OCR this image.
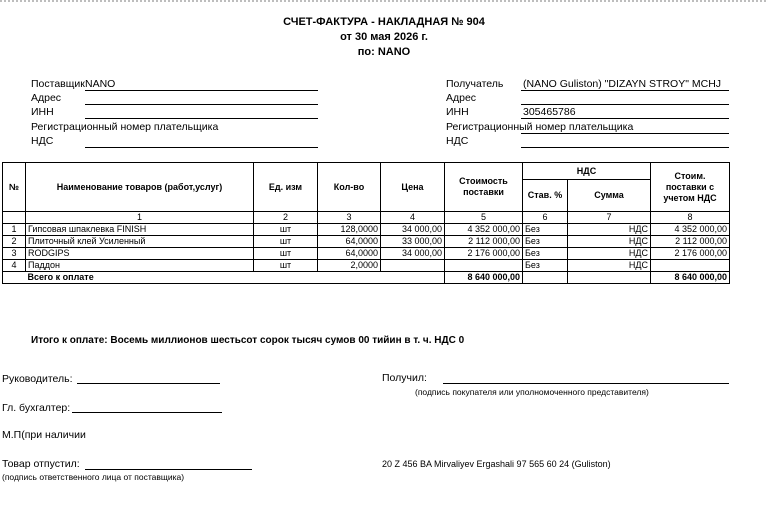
СЧЕТ-ФАКТУРА - НАКЛАДНАЯ № 904
от 30 мая 2026 г.
по: NANO
Поставщик NANO
Адрес
ИНН
Регистрационный номер плательщика
НДС
Получатель (NANO Guliston) "DIZAYN STROY" MCHJ
Адрес
ИНН	305465786
Регистрационный номер плательщика
НДС
№	Наименование товаров (работ,услуг)	Ед. изм	Кол-во	Цена	Стоимость поставки	НДС		Стоим. поставки с учетом НДС
						Став. %	Сумма	
	1	2	3	4	5	6	7	8
1	Гипсовая шпаклевка FINISH	шт	128,0000	34 000,00	4 352 000,00	Без	НДС	4 352 000,00
2	Плиточный клей Усиленный	шт	64,0000	33 000,00	2 112 000,00	Без	НДС	2 112 000,00
3	RODGIPS	шт	64,0000	34 000,00	2 176 000,00	Без	НДС	2 176 000,00
4	Паддон	шт	2,0000			Без	НДС	
	Всего к оплате				8 640 000,00			8 640 000,00
Итого к оплате: Восемь миллионов шестьсот сорок тысяч сумов 00 тийин в т. ч. НДС 0
Руководитель:
Гл. бухгалтер:
М.П(при наличии
Товар отпустил:
(подпись ответственного лица от поставщика)
Получил:
(подпись покупателя или уполномоченного представителя)
20 Z 456 BA Mirvaliyev Ergashali 97 565 60 24 (Guliston)
